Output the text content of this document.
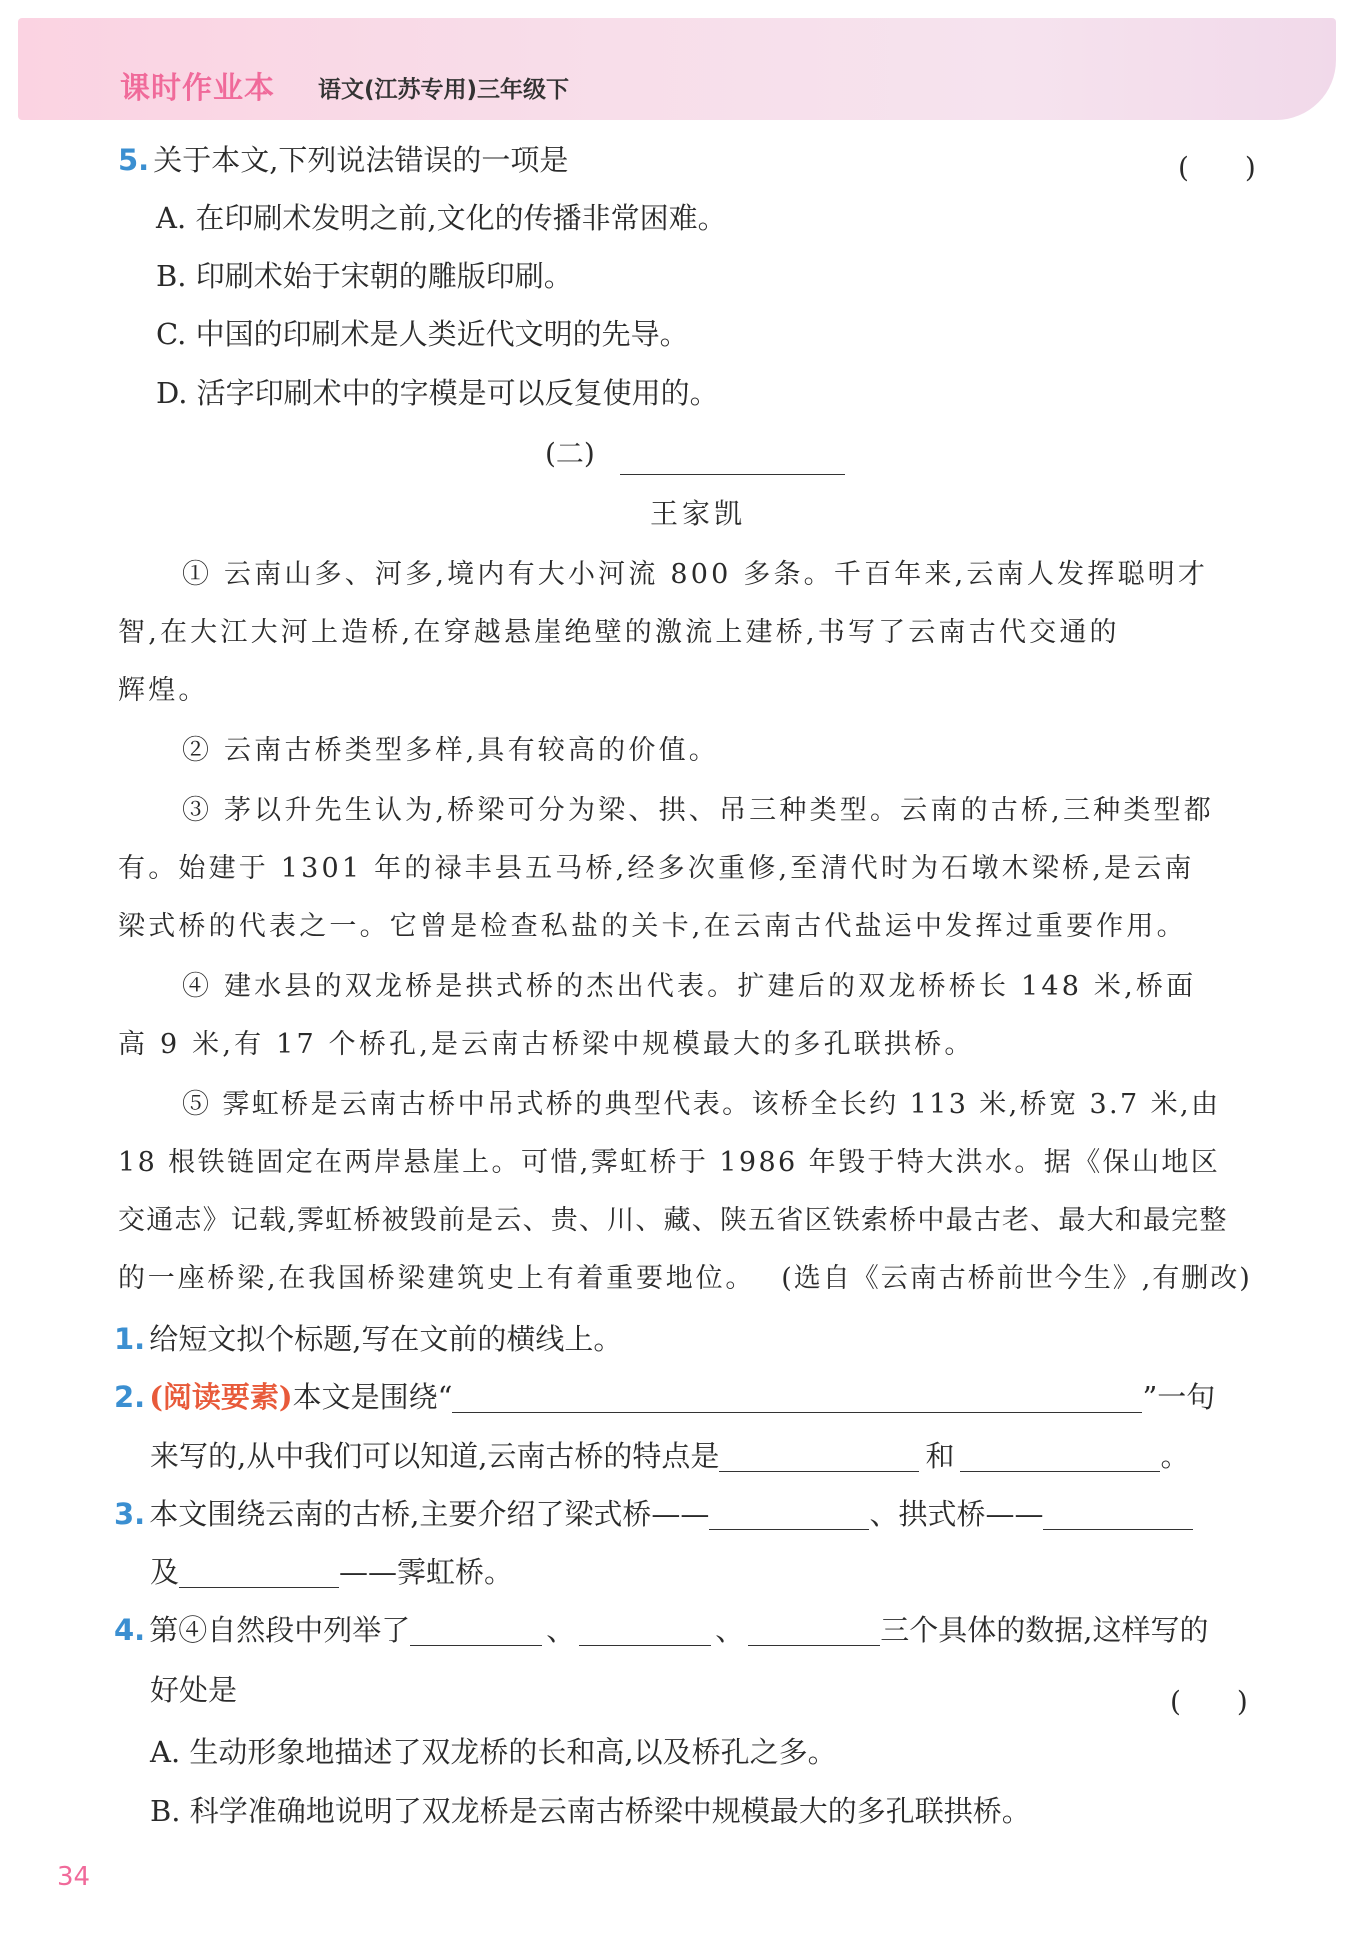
课时作业本 语文(江苏专用)三年级下
5. 关于本文,下列说法错误的一项是	(　　)
A. 在印刷术发明之前,文化的传播非常困难。
B. 印刷术始于宋朝的雕版印刷。
C. 中国的印刷术是人类近代文明的先导。
D. 活字印刷术中的字模是可以反复使用的。
(二)
王家凯
① 云南山多、河多,境内有大小河流 800 多条。千百年来,云南人发挥聪明才
智,在大江大河上造桥,在穿越悬崖绝壁的激流上建桥,书写了云南古代交通的
辉煌。
② 云南古桥类型多样,具有较高的价值。
③ 茅以升先生认为,桥梁可分为梁、拱、吊三种类型。云南的古桥,三种类型都
有。始建于 1301 年的禄丰县五马桥,经多次重修,至清代时为石墩木梁桥,是云南
梁式桥的代表之一。它曾是检查私盐的关卡,在云南古代盐运中发挥过重要作用。
④ 建水县的双龙桥是拱式桥的杰出代表。扩建后的双龙桥桥长 148 米,桥面
高 9 米,有 17 个桥孔,是云南古桥梁中规模最大的多孔联拱桥。
⑤ 霁虹桥是云南古桥中吊式桥的典型代表。该桥全长约 113 米,桥宽 3.7 米,由
18 根铁链固定在两岸悬崖上。可惜,霁虹桥于 1986 年毁于特大洪水。据《保山地区
交通志》记载,霁虹桥被毁前是云、贵、川、藏、陕五省区铁索桥中最古老、最大和最完整
的一座桥梁,在我国桥梁建筑史上有着重要地位。 (选自《云南古桥前世今生》,有删改)
1. 给短文拟个标题,写在文前的横线上。
2. (阅读要素)本文是围绕“	”一句
来写的,从中我们可以知道,云南古桥的特点是	和	。
3. 本文围绕云南的古桥,主要介绍了梁式桥——	、拱式桥——
及	——霁虹桥。
4. 第④自然段中列举了	、	、	三个具体的数据,这样写的
好处是	(　　)
A. 生动形象地描述了双龙桥的长和高,以及桥孔之多。
B. 科学准确地说明了双龙桥是云南古桥梁中规模最大的多孔联拱桥。
34
